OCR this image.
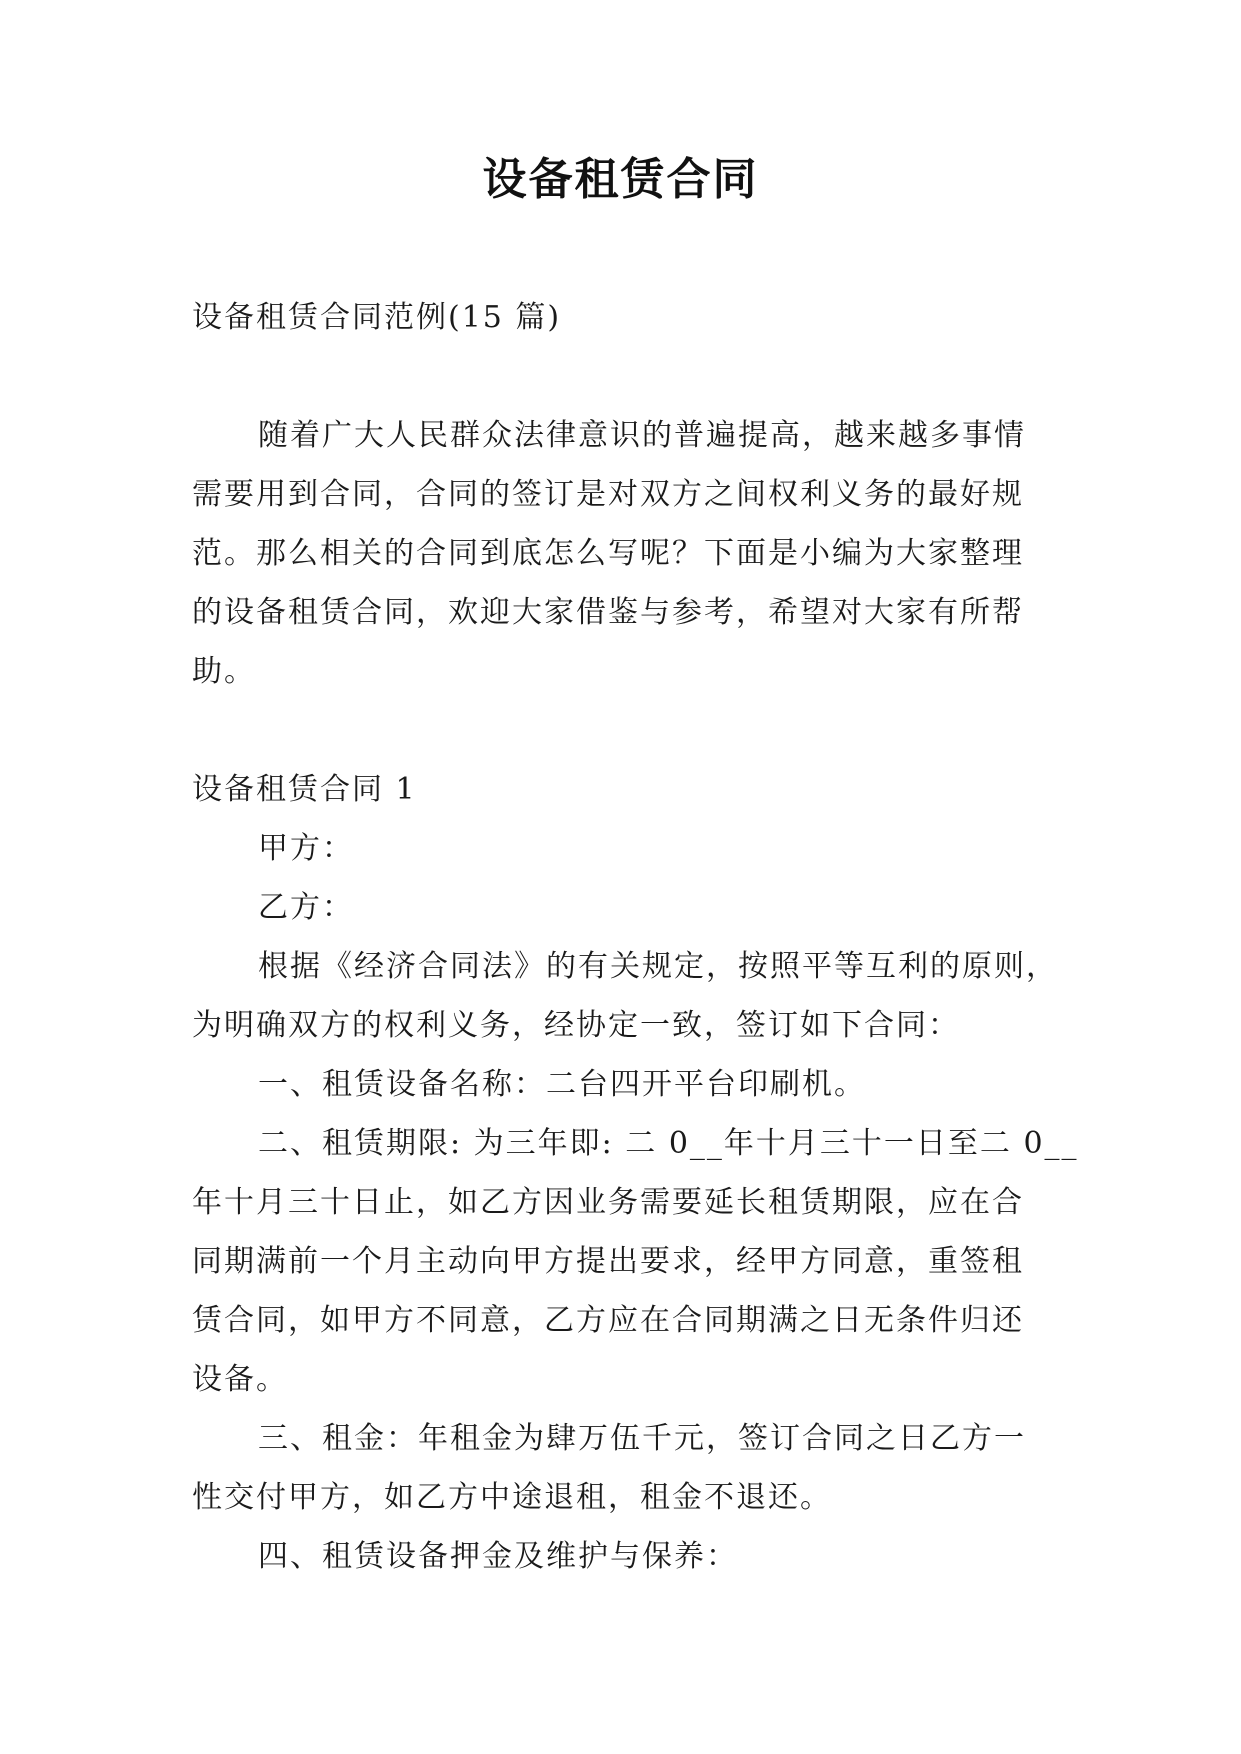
设备租赁合同
设备租赁合同范例(15 篇)
随着广大人民群众法律意识的普遍提高，越来越多事情
需要用到合同，合同的签订是对双方之间权利义务的最好规
范。那么相关的合同到底怎么写呢？下面是小编为大家整理
的设备租赁合同，欢迎大家借鉴与参考，希望对大家有所帮
助。
设备租赁合同 1
甲方：
乙方：
根据《经济合同法》的有关规定，按照平等互利的原则，
为明确双方的权利义务，经协定一致，签订如下合同：
一、租赁设备名称：二台四开平台印刷机。
二、租赁期限: 为三年即: 二 0__年十月三十一日至二 0__
年十月三十日止，如乙方因业务需要延长租赁期限，应在合
同期满前一个月主动向甲方提出要求，经甲方同意，重签租
赁合同，如甲方不同意，乙方应在合同期满之日无条件归还
设备。
三、租金：年租金为肆万伍千元，签订合同之日乙方一
性交付甲方，如乙方中途退租，租金不退还。
四、租赁设备押金及维护与保养：
